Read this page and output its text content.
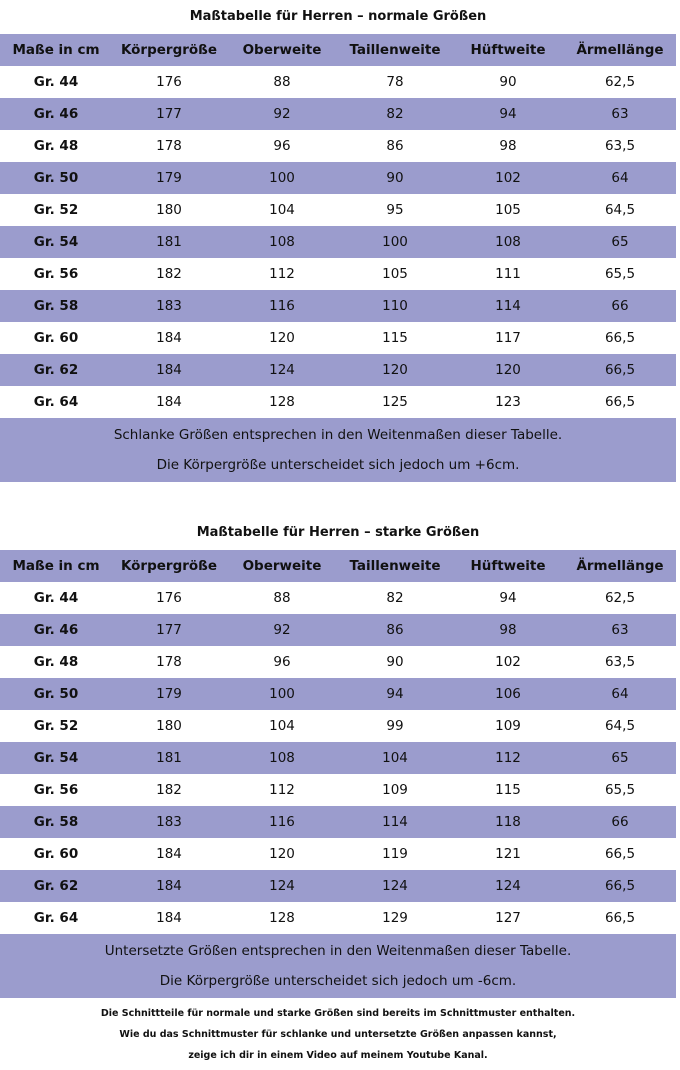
Maßtabelle für Herren – normale Größen
Maße in cm	Körpergröße	Oberweite	Taillenweite	Hüftweite	Ärmellänge
Gr. 44	176	88	78	90	62,5
Gr. 46	177	92	82	94	63
Gr. 48	178	96	86	98	63,5
Gr. 50	179	100	90	102	64
Gr. 52	180	104	95	105	64,5
Gr. 54	181	108	100	108	65
Gr. 56	182	112	105	111	65,5
Gr. 58	183	116	110	114	66
Gr. 60	184	120	115	117	66,5
Gr. 62	184	124	120	120	66,5
Gr. 64	184	128	125	123	66,5
Schlanke Größen entsprechen in den Weitenmaßen dieser Tabelle.
Die Körpergröße unterscheidet sich jedoch um +6cm.
Maßtabelle für Herren – starke Größen
Maße in cm	Körpergröße	Oberweite	Taillenweite	Hüftweite	Ärmellänge
Gr. 44	176	88	82	94	62,5
Gr. 46	177	92	86	98	63
Gr. 48	178	96	90	102	63,5
Gr. 50	179	100	94	106	64
Gr. 52	180	104	99	109	64,5
Gr. 54	181	108	104	112	65
Gr. 56	182	112	109	115	65,5
Gr. 58	183	116	114	118	66
Gr. 60	184	120	119	121	66,5
Gr. 62	184	124	124	124	66,5
Gr. 64	184	128	129	127	66,5
Untersetzte Größen entsprechen in den Weitenmaßen dieser Tabelle.
Die Körpergröße unterscheidet sich jedoch um -6cm.
Die Schnittteile für normale und starke Größen sind bereits im Schnittmuster enthalten.
Wie du das Schnittmuster für schlanke und untersetzte Größen anpassen kannst,
zeige ich dir in einem Video auf meinem Youtube Kanal.
